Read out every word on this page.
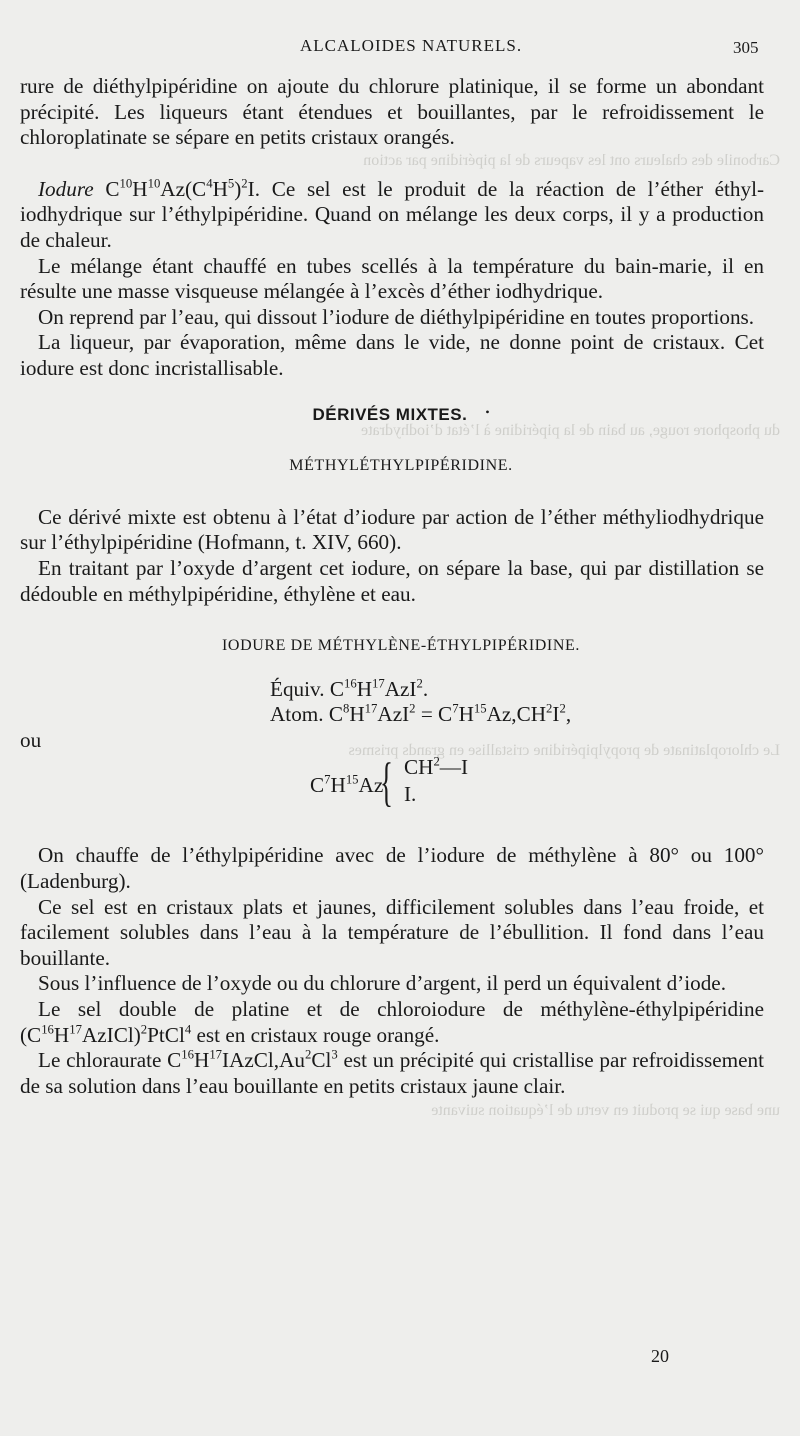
Carbonile des chaleurs ont les vapeurs de la pipéridine par action
du phosphore rouge, au bain de la pipéridine à l’état d’iodhydrate
Le chloroplatinate de propylpipéridine cristallise en grands prismes
une base qui se produit en vertu de l’équation suivante
ALCALOIDES NATURELS.	305

rure de diéthylpipéridine on ajoute du chlorure platinique, il se forme un abondant précipité. Les liqueurs étant étendues et bouillantes, par le refroidissement le chloroplatinate se sépare en petits cristaux orangés.

Iodure $C^{10}H^{10}Az(C^4H^5)^2I$. Ce sel est le produit de la réaction de l’éther éthyl-iodhydrique sur l’éthylpipéridine. Quand on mélange les deux corps, il y a production de chaleur.

Le mélange étant chauffé en tubes scellés à la température du bain-marie, il en résulte une masse visqueuse mélangée à l’excès d’éther iodhydrique.

On reprend par l’eau, qui dissout l’iodure de diéthylpipéridine en toutes proportions.

La liqueur, par évaporation, même dans le vide, ne donne point de cristaux. Cet iodure est donc incristallisable.

DÉRIVÉS MIXTES. •

MÉTHYLÉTHYLPIPÉRIDINE.

Ce dérivé mixte est obtenu à l’état d’iodure par action de l’éther méthyliodhydrique sur l’éthylpipéridine (Hofmann, t. XIV, 660).

En traitant par l’oxyde d’argent cet iodure, on sépare la base, qui par distillation se dédouble en méthylpipéridine, éthylène et eau.

IODURE DE MÉTHYLÈNE-ÉTHYLPIPÉRIDINE.

Équiv. $C^{16}H^{17}AzI^2$.
Atom. $C^8H^{17}AzI^2 = C^7H^{15}Az,CH^2I^2$,

ou

$C^7H^{15}Az$
{ $CH^2—I$
I.

On chauffe de l’éthylpipéridine avec de l’iodure de méthylène à 80° ou 100° (Ladenburg).

Ce sel est en cristaux plats et jaunes, difficilement solubles dans l’eau froide, et facilement solubles dans l’eau à la température de l’ébullition. Il fond dans l’eau bouillante.

Sous l’influence de l’oxyde ou du chlorure d’argent, il perd un équivalent d’iode.

Le sel double de platine et de chloroiodure de méthylène-éthylpipéridine $(C^{16}H^{17}AzICl)^2PtCl^4$ est en cristaux rouge orangé.

Le chloraurate $C^{16}H^{17}IAzCl,Au^2Cl^3$ est un précipité qui cristallise par refroidissement de sa solution dans l’eau bouillante en petits cristaux jaune clair.

20
